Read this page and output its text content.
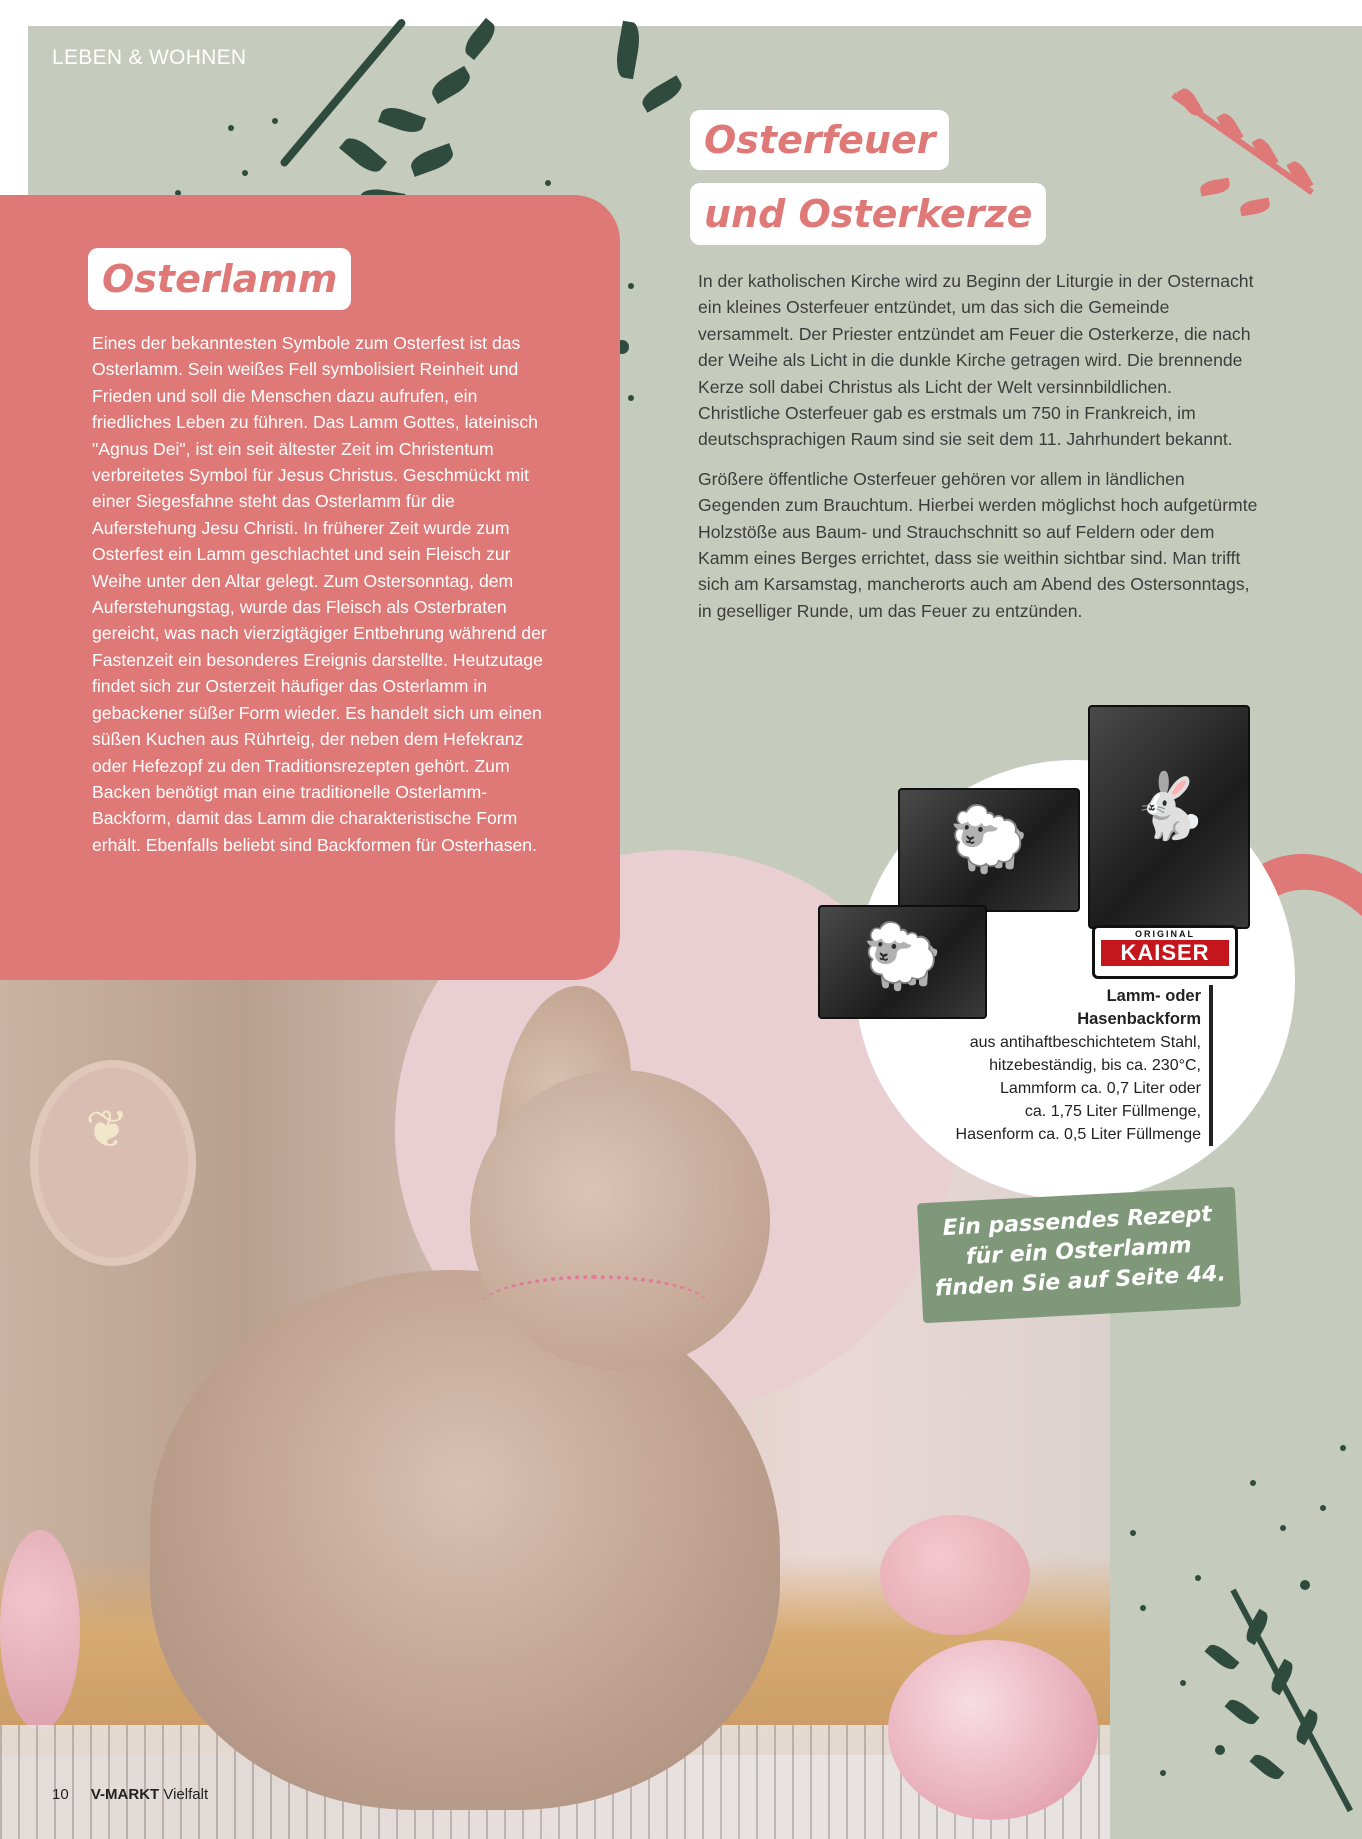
❦
LEBEN & WOHNEN
Osterlamm
Eines der bekanntesten Symbole zum Osterfest ist das Osterlamm. Sein weißes Fell symbolisiert Reinheit und Frieden und soll die Menschen dazu aufrufen, ein friedliches Leben zu führen. Das Lamm Gottes, lateinisch "Agnus Dei", ist ein seit ältester Zeit im Christentum verbreitetes Symbol für Jesus Christus. Geschmückt mit einer Siegesfahne steht das Osterlamm für die Auferstehung Jesu Christi. In früherer Zeit wurde zum Osterfest ein Lamm geschlachtet und sein Fleisch zur Weihe unter den Altar gelegt. Zum Ostersonntag, dem Auferstehungstag, wurde das Fleisch als Osterbraten gereicht, was nach vierzigtägiger Entbehrung während der Fastenzeit ein besonderes Ereignis darstellte. Heutzutage findet sich zur Osterzeit häufiger das Osterlamm in gebackener süßer Form wieder. Es handelt sich um einen süßen Kuchen aus Rührteig, der neben dem Hefekranz oder Hefezopf zu den Traditionsrezepten gehört. Zum Backen benötigt man eine traditionelle Osterlamm-Backform, damit das Lamm die charakteristische Form erhält. Ebenfalls beliebt sind Backformen für Osterhasen.
Osterfeuer
und Osterkerze

In der katholischen Kirche wird zu Beginn der Liturgie in der Osternacht ein kleines Osterfeuer entzündet, um das sich die Gemeinde versammelt. Der Priester entzündet am Feuer die Osterkerze, die nach der Weihe als Licht in die dunkle Kirche getragen wird. Die brennende Kerze soll dabei Christus als Licht der Welt versinnbildlichen. Christliche Osterfeuer gab es erstmals um 750 in Frankreich, im deutschsprachigen Raum sind sie seit dem 11. Jahrhundert bekannt.

Größere öffentliche Osterfeuer gehören vor allem in ländlichen Gegenden zum Brauchtum. Hierbei werden möglichst hoch aufgetürmte Holzstöße aus Baum- und Strauchschnitt so auf Feldern oder dem Kamm eines Berges errichtet, dass sie weithin sichtbar sind. Man trifft sich am Karsamstag, mancherorts auch am Abend des Ostersonntags, in geselliger Runde, um das Feuer zu entzünden.

🐇
🐑
🐑	ORIGINAL
KAISER
Lamm- oder
Hasenbackform
aus antihaftbeschichtetem Stahl,
hitzebeständig, bis ca. 230°C,
Lammform ca. 0,7 Liter oder
ca. 1,75 Liter Füllmenge,
Hasenform ca. 0,5 Liter Füllmenge
Ein passendes Rezept
für ein Osterlamm
finden Sie auf Seite 44.
10 V-MARKT Vielfalt
